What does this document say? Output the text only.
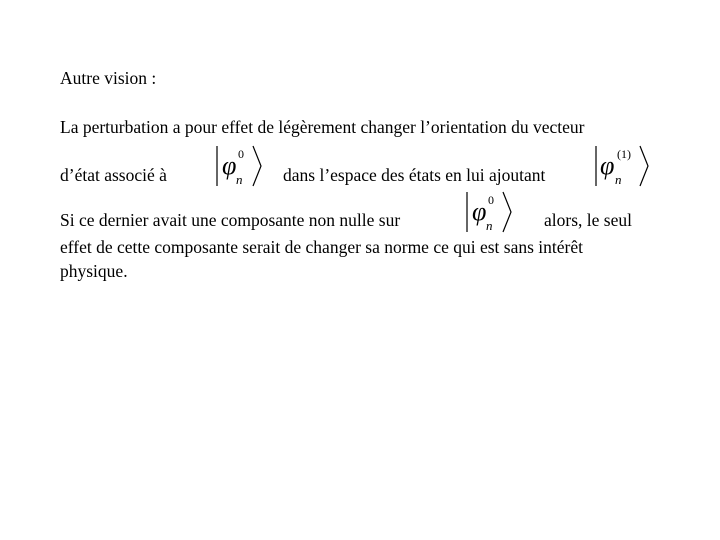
Autre vision :
La perturbation a pour effet de légèrement changer l’orientation du vecteur
d’état associé à φ 0
n dans l’espace des états en lui ajoutant φ (1)
n
Si ce dernier avait une composante non nulle sur	φ 0
n	alors, le seul
effet de cette composante serait de changer sa norme ce qui est sans intérêt
physique.
